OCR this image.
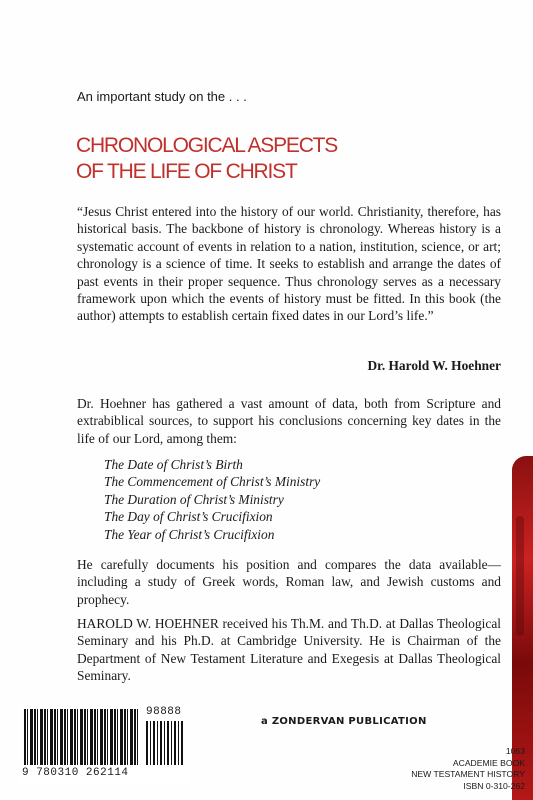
An important study on the . . .
CHRONOLOGICAL ASPECTS
OF THE LIFE OF CHRIST

“Jesus Christ entered into the history of our world. Christianity, therefore, has historical basis. The backbone of history is chronology. Whereas history is a systematic account of events in relation to a nation, institution, science, or art; chronology is a science of time. It seeks to establish and arrange the dates of past events in their proper sequence. Thus chronology serves as a necessary framework upon which the events of history must be fitted. In this book (the author) attempts to establish certain fixed dates in our Lord’s life.”

Dr. Harold W. Hoehner

Dr. Hoehner has gathered a vast amount of data, both from Scripture and extrabiblical sources, to support his conclusions concerning key dates in the life of our Lord, among them:

The Date of Christ’s Birth
The Commencement of Christ’s Ministry
The Duration of Christ’s Ministry
The Day of Christ’s Crucifixion
The Year of Christ’s Crucifixion

He carefully documents his position and compares the data available—including a study of Greek words, Roman law, and Jewish customs and prophecy.

HAROLD W. HOEHNER received his Th.M. and Th.D. at Dallas Theological Seminary and his Ph.D. at Cambridge University. He is Chairman of the Department of New Testament Literature and Exegesis at Dallas Theological Seminary.

98888
9 780310 262114
a ZONDERVAN PUBLICATION
1063
ACADEMIE BOOK
NEW TESTAMENT HISTORY
ISBN 0-310-262
